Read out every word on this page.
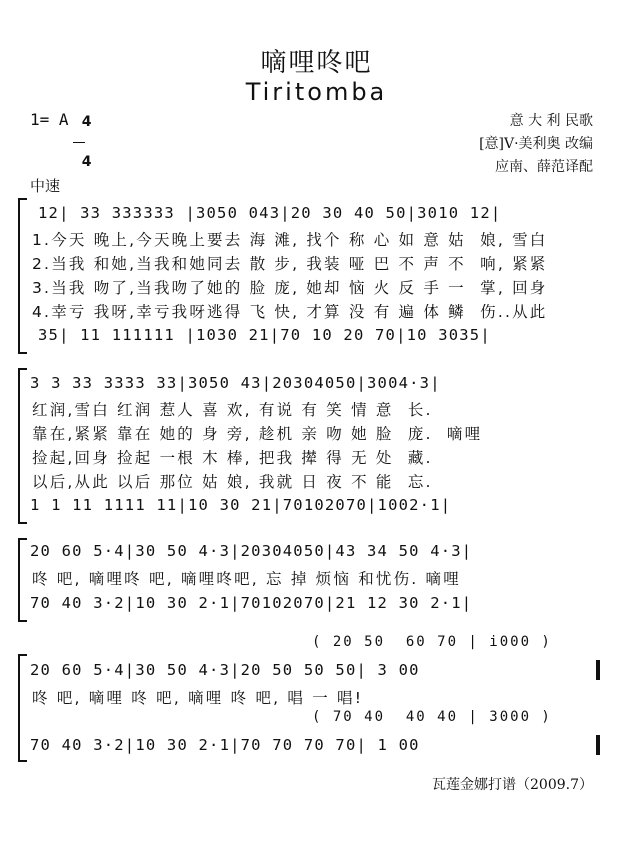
嘀哩咚吧
Tiritomba
1= A 4

4

意 大 利 民歌
[意]V·美利奥 改编
应南、薛范译配
中速
12| 33 333333 |3050 043|20 30 40 50|3010 12|
1.今天 晚上,今天晚上要去 海 滩, 找个 称 心 如 意 姑  娘, 雪白
2.当我 和她,当我和她同去 散 步, 我装 哑 巴 不 声 不  响, 紧紧
3.当我 吻了,当我吻了她的 脸 庞, 她却 恼 火 反 手 一  掌, 回身
4.幸亏 我呀,幸亏我呀逃得 飞 快, 才算 没 有 遍 体 鳞  伤..从此
35| 11 111111 |1030 21|70 10 20 70|10 3035|
3 3 33 3333 33|3050 43|20304050|3004·3|
红润,雪白 红润 惹人 喜 欢, 有说 有 笑 情 意  长.
靠在,紧紧 靠在 她的 身 旁, 趁机 亲 吻 她 脸  庞.  嘀哩
捡起,回身 捡起 一根 木 棒, 把我 撵 得 无 处  藏.
以后,从此 以后 那位 姑 娘, 我就 日 夜 不 能  忘.
1 1 11 1111 11|10 30 21|70102070|1002·1|
20 60 5·4|30 50 4·3|20304050|43 34 50 4·3|
咚 吧, 嘀哩咚 吧, 嘀哩咚吧, 忘 掉 烦恼 和忧伤. 嘀哩
70 40 3·2|10 30 2·1|70102070|21 12 30 2·1|
( 20 50  60 70 | i000 )
20 60 5·4|30 50 4·3|20 50 50 50| 3 00
咚 吧, 嘀哩 咚 吧, 嘀哩 咚 吧, 唱 一 唱!
( 70 40  40 40 | 3000 )
70 40 3·2|10 30 2·1|70 70 70 70| 1 00
瓦莲金娜打谱（2009.7）
